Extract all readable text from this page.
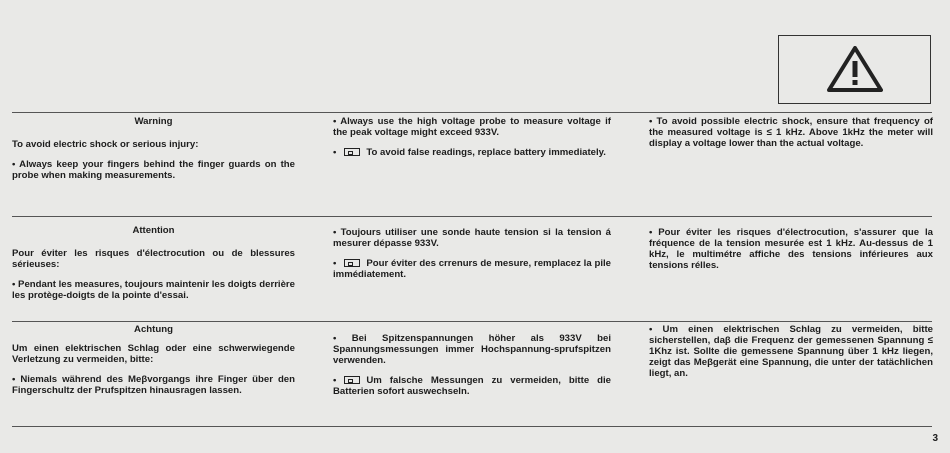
Warning

To avoid electric shock or serious injury:

• Always keep your fingers behind the finger guards on the probe when making measurements.

• Always use the high voltage probe to measure voltage if the peak voltage might exceed 933V.

•	To avoid false readings, replace battery immediately.

• To avoid possible electric shock, ensure that frequency of the measured voltage is ≤ 1 kHz. Above 1kHz the meter will display a voltage lower than the actual voltage.

Attention

Pour éviter les risques d'électrocution ou de blessures sérieuses:

• Pendant les measures, toujours maintenir les doigts derrière les protège-doigts de la pointe d'essai.

• Toujours utiliser une sonde haute tension si la tension á mesurer dépasse 933V.

•	Pour éviter des crrenurs de mesure, remplacez la pile immédiatement.

• Pour éviter les risques d'électrocution, s'assurer que la fréquence de la tension mesurée est 1 kHz. Au-dessus de 1 kHz, le multimétre affiche des tensions inférieures aux tensions rélles.

Achtung

Um einen elektrischen Schlag oder eine schwerwiegende Verletzung zu vermeiden, bitte:

• Niemals während des Meβvorgangs ihre Finger über den Fingerschultz der Prufspitzen hinausragen lassen.

• Bei Spitzenspannungen höher als 933V bei Spannungsmessungen immer Hochspannung-sprufspitzen verwenden.

•	Um falsche Messungen zu vermeiden, bitte die Batterien sofort auswechseln.

• Um einen elektrischen Schlag zu vermeiden, bitte sicherstellen, daβ die Frequenz der gemessenen Spannung ≤ 1Khz ist. Sollte die gemessene Spannung über 1 kHz liegen, zeigt das Meβgerät eine Spannung, die unter der tatächlichen liegt, an.

3
